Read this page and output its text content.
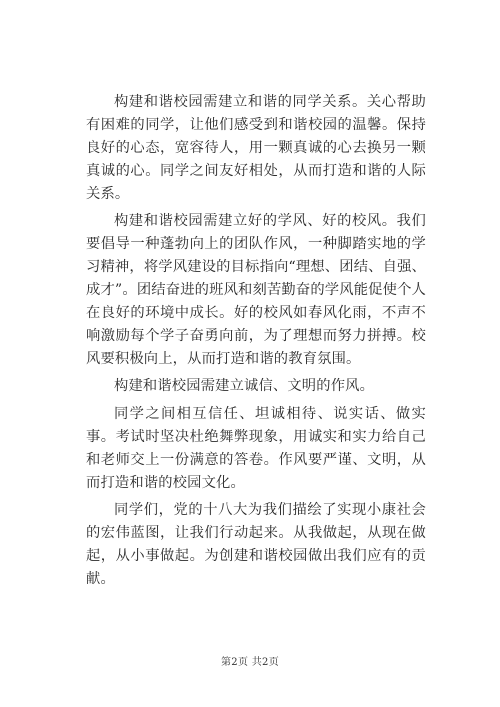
构建和谐校园需建立和谐的同学关系。关心帮助有困难的同学，让他们感受到和谐校园的温馨。保持良好的心态，宽容待人，用一颗真诚的心去换另一颗真诚的心。同学之间友好相处，从而打造和谐的人际关系。

构建和谐校园需建立好的学风、好的校风。我们要倡导一种蓬勃向上的团队作风，一种脚踏实地的学习精神，将学风建设的目标指向“理想、团结、自强、成才”。团结奋进的班风和刻苦勤奋的学风能促使个人在良好的环境中成长。好的校风如春风化雨，不声不响激励每个学子奋勇向前，为了理想而努力拼搏。校风要积极向上，从而打造和谐的教育氛围。

构建和谐校园需建立诚信、文明的作风。

同学之间相互信任、坦诚相待、说实话、做实事。考试时坚决杜绝舞弊现象，用诚实和实力给自己和老师交上一份满意的答卷。作风要严谨、文明，从而打造和谐的校园文化。

同学们，党的十八大为我们描绘了实现小康社会的宏伟蓝图，让我们行动起来。从我做起，从现在做起，从小事做起。为创建和谐校园做出我们应有的贡献。

第2页 共2页
